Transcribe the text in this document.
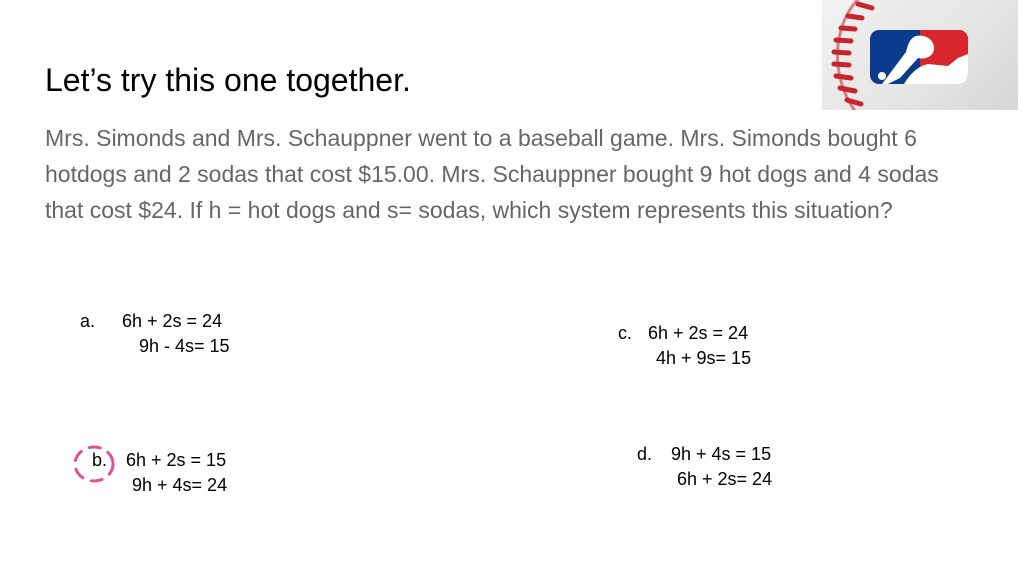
Let’s try this one together.

Mrs. Simonds and Mrs. Schauppner went to a baseball game. Mrs. Simonds bought 6 hotdogs and 2 sodas that cost $15.00. Mrs. Schauppner bought 9 hot dogs and 4 sodas that cost $24. If h = hot dogs and s= sodas, which system represents this situation?

a. 6h + 2s = 24
9h - 4s= 15
b. 6h + 2s = 15
9h + 4s= 24
c. 6h + 2s = 24
4h + 9s= 15
d. 9h + 4s = 15
6h + 2s= 24
